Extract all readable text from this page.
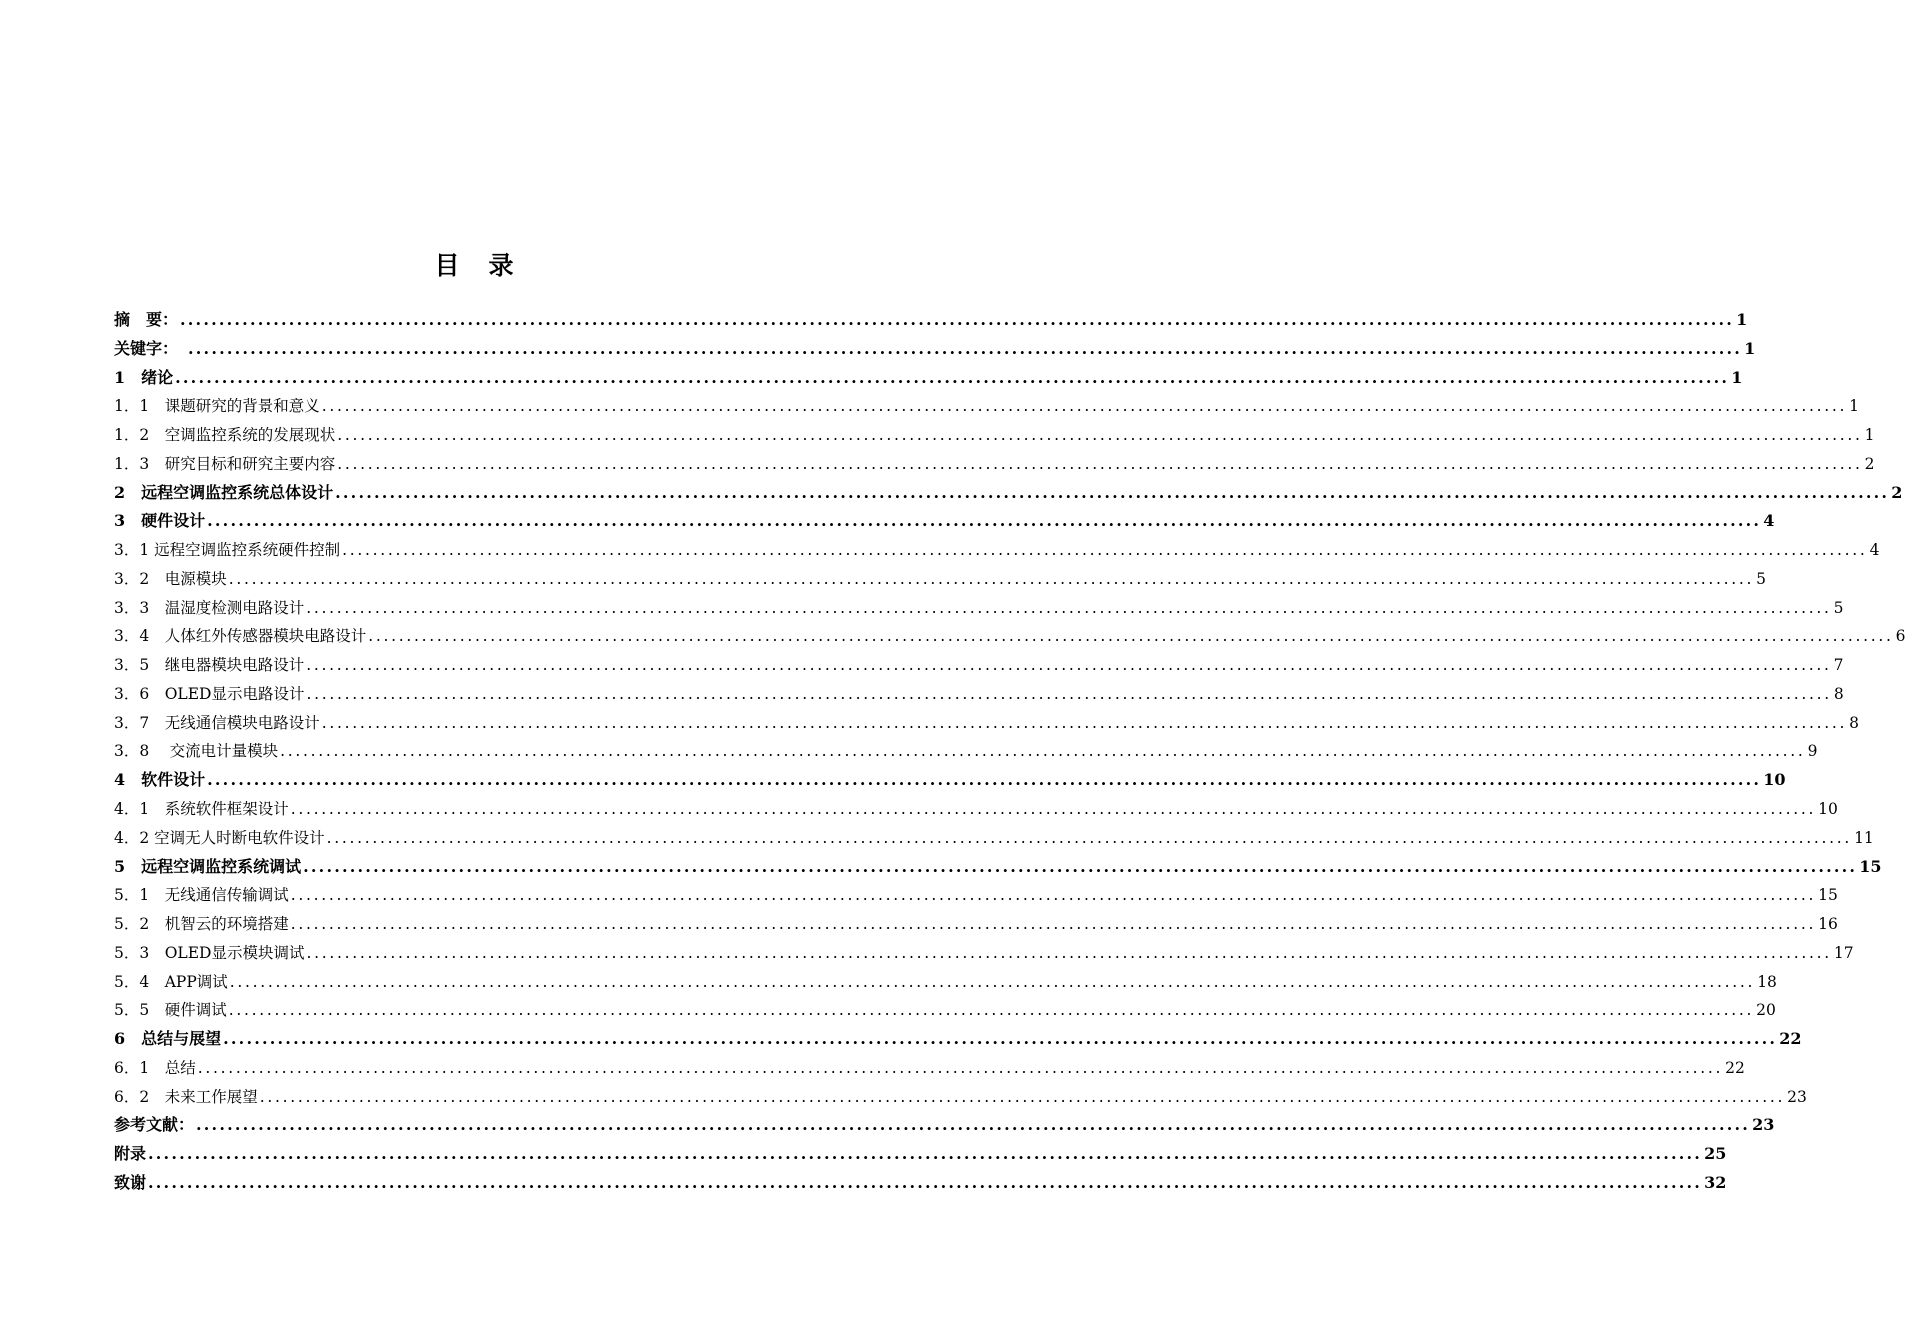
目　录
摘　要： ........................................................................................................................................................................................................ 1
关键字：　 ........................................................................................................................................................................................................ 1
1　绪论 ........................................................................................................................................................................................................ 1
1．1　课题研究的背景和意义 ........................................................................................................................................................................................................ 1
1．2　空调监控系统的发展现状 ........................................................................................................................................................................................................ 1
1．3　研究目标和研究主要内容 ........................................................................................................................................................................................................ 2
2　远程空调监控系统总体设计 ........................................................................................................................................................................................................ 2
3　硬件设计 ........................................................................................................................................................................................................ 4
3．1 远程空调监控系统硬件控制 ........................................................................................................................................................................................................ 4
3．2　电源模块 ........................................................................................................................................................................................................ 5
3．3　温湿度检测电路设计 ........................................................................................................................................................................................................ 5
3．4　人体红外传感器模块电路设计 ........................................................................................................................................................................................................ 6
3．5　继电器模块电路设计 ........................................................................................................................................................................................................ 7
3．6　OLED显示电路设计 ........................................................................................................................................................................................................ 8
3．7　无线通信模块电路设计 ........................................................................................................................................................................................................ 8
3．8　 交流电计量模块 ........................................................................................................................................................................................................ 9
4　软件设计 ........................................................................................................................................................................................................ 10
4．1　系统软件框架设计 ........................................................................................................................................................................................................ 10
4．2 空调无人时断电软件设计 ........................................................................................................................................................................................................ 11
5　远程空调监控系统调试 ........................................................................................................................................................................................................ 15
5．1　无线通信传输调试 ........................................................................................................................................................................................................ 15
5．2　机智云的环境搭建 ........................................................................................................................................................................................................ 16
5．3　OLED显示模块调试 ........................................................................................................................................................................................................ 17
5．4　APP调试 ........................................................................................................................................................................................................ 18
5．5　硬件调试 ........................................................................................................................................................................................................ 20
6　总结与展望 ........................................................................................................................................................................................................ 22
6．1　总结 ........................................................................................................................................................................................................ 22
6．2　未来工作展望 ........................................................................................................................................................................................................ 23
参考文献： ........................................................................................................................................................................................................ 23
附录 ........................................................................................................................................................................................................ 25
致谢 ........................................................................................................................................................................................................ 32
